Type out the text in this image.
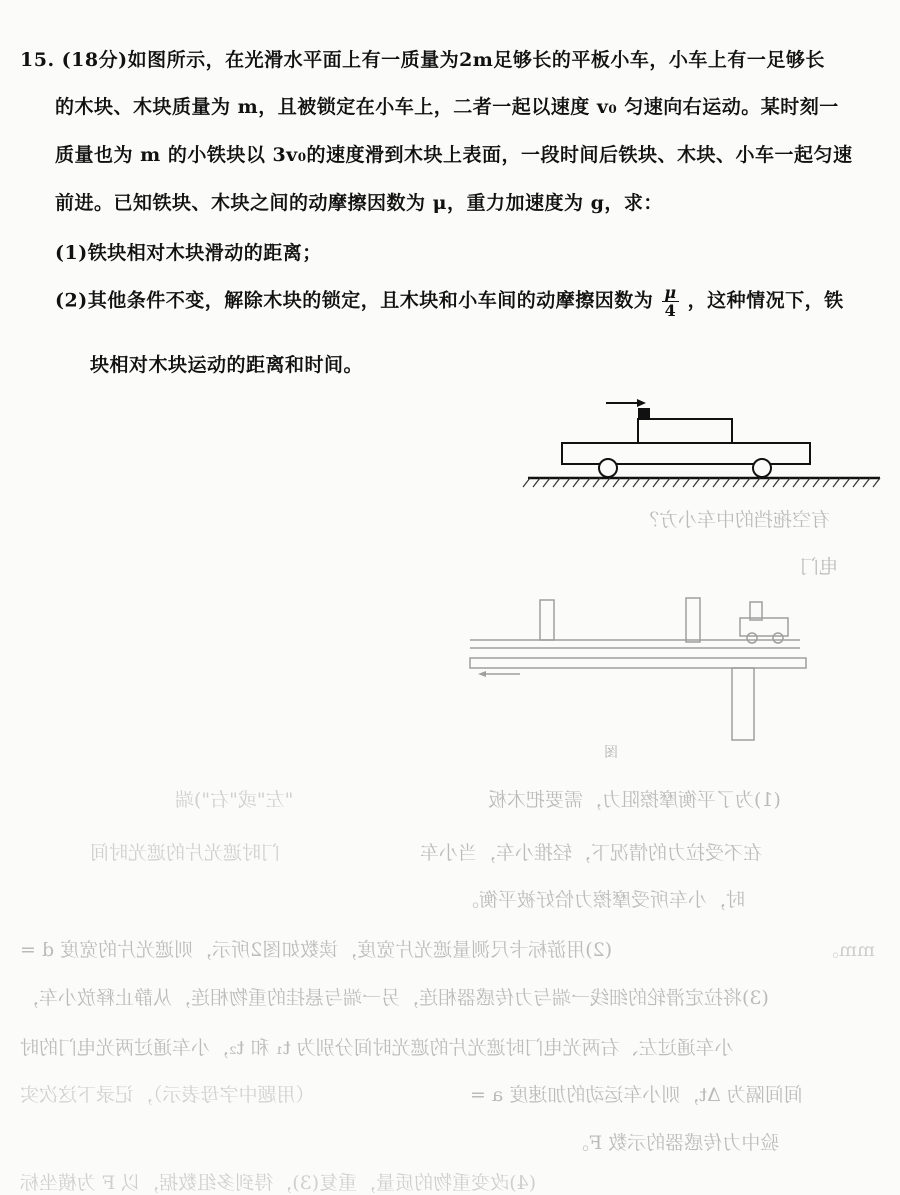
15. (18分)如图所示，在光滑水平面上有一质量为2m足够长的平板小车，小车上有一足够长
的木块、木块质量为 m，且被锁定在小车上，二者一起以速度 v₀ 匀速向右运动。某时刻一
质量也为 m 的小铁块以 3v₀的速度滑到木块上表面，一段时间后铁块、木块、小车一起匀速
前进。已知铁块、木块之间的动摩擦因数为 μ，重力加速度为 g，求：
(1)铁块相对木块滑动的距离；
(2)其他条件不变，解除木块的锁定，且木块和小车间的动摩擦因数为 $\frac{\mu}{4}$ ，这种情况下，铁
块相对木块运动的距离和时间。
有空拖挡的中车小方？
电门
图
(1)为了平衡摩擦阻力，需要把木板
"左"或"右")端
在不受拉力的情况下，轻推小车，当小车
门时遮光片的遮光时间
时，小车所受摩擦力恰好被平衡。
(2)用游标卡尺测量遮光片宽度，读数如图2所示，则遮光片的宽度 d =	mm。
(3)将拉定滑轮的细线一端与力传感器相连，另一端与悬挂的重物相连，从静止释放小车，
小车通过左、右两光电门时遮光片的遮光时间分别为 t₁ 和 t₂，小车通过两光电门的时
间间隔为 Δt，则小车运动的加速度 a =
（用题中字母表示），记录下这次实
验中力传感器的示数 F。
(4)改变重物的质量，重复(3)，得到多组数据，以 F 为横坐标
